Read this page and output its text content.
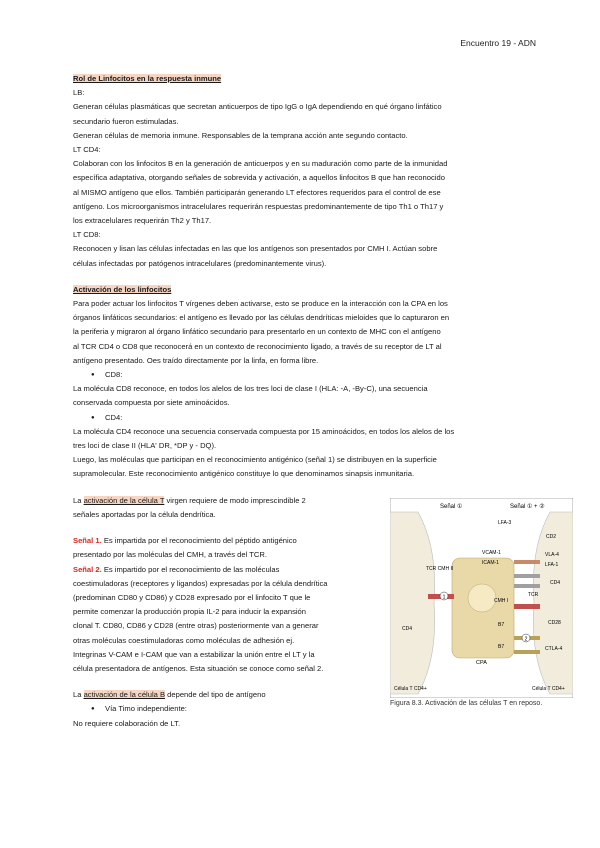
Encuentro 19 - ADN

Rol de Linfocitos en la respuesta inmune

LB:

Generan células plasmáticas que secretan anticuerpos de tipo IgG o IgA dependiendo en qué órgano linfático

secundario fueron estimuladas.

Generan células de memoria inmune. Responsables de la temprana acción ante segundo contacto.

LT CD4:

Colaboran con los linfocitos B en la generación de anticuerpos y en su maduración como parte de la inmunidad

específica adaptativa, otorgando señales de sobrevida y activación, a aquellos linfocitos B que han reconocido

al MISMO antígeno que ellos. También participarán generando LT efectores requeridos para el control de ese

antígeno. Los microorganismos intracelulares requerirán respuestas predominantemente de tipo Th1 o Th17 y

los extracelulares requerirán Th2 y Th17.

LT CD8:

Reconocen y lisan las células infectadas en las que los antígenos son presentados por CMH I. Actúan sobre

células infectadas por patógenos intracelulares (predominantemente virus).

Activación de los linfocitos

Para poder actuar los linfocitos T vírgenes deben activarse, esto se produce en la interacción con la CPA en los

órganos linfáticos secundarios: el antígeno es llevado por las células dendríticas mieloides que lo capturaron en

la periferia y migraron al órgano linfático secundario para presentarlo en un contexto de MHC con el antígeno

al TCR CD4 o CD8 que reconocerá en un contexto de reconocimiento ligado, a través de su receptor de LT al

antígeno presentado. Oes traído directamente por la linfa, en forma libre.

● CD8:

La molécula CD8 reconoce, en todos los alelos de los tres loci de clase I (HLA: -A, -By-C), una secuencia

conservada compuesta por siete aminoácidos.

● CD4:

La molécula CD4 reconoce una secuencia conservada compuesta por 15 aminoácidos, en todos los alelos de los

tres loci de clase II (HLA' DR, *DP y - DQ).

Luego, las moléculas que participan en el reconocimiento antigénico (señal 1) se distribuyen en la superficie

supramolecular. Este reconocimiento antigénico constituye lo que denominamos sinapsis inmunitaria.

La activación de la célula T virgen requiere de modo imprescindible 2

señales aportadas por la célula dendrítica.

Señal 1. Es impartida por el reconocimiento del péptido antigénico

presentado por las moléculas del CMH, a través del TCR.

Señal 2. Es impartido por el reconocimiento de las moléculas

coestimuladoras (receptores y ligandos) expresadas por la célula dendrítica

(predominan CD80 y CD86) y CD28 expresado por el linfocito T que le

permite comenzar la producción propia IL-2 para inducir la expansión

clonal T. CD80, CD86 y CD28 (entre otras) posteriormente van a generar

otras moléculas coestimuladoras como moléculas de adhesión ej.

Integrinas V-CAM e I-CAM que van a estabilizar la unión entre el LT y la

célula presentadora de antígenos. Esta situación se conoce como señal 2.

La activación de la célula B depende del tipo de antígeno

● Vía Timo independiente:

No requiere colaboración de LT.

1
2
Señal ①	Señal ① + ②
LFA-3
CD2
VCAM-1
ICAM-1
VLA-4
LFA-1
CD4
TCR CMH II
TCR
CMH I
B7
B7
CD28
CTLA-4
CD4
CPA
Célula T CD4+	Célula T CD4+
Figura 8.3. Activación de las células T en reposo.
